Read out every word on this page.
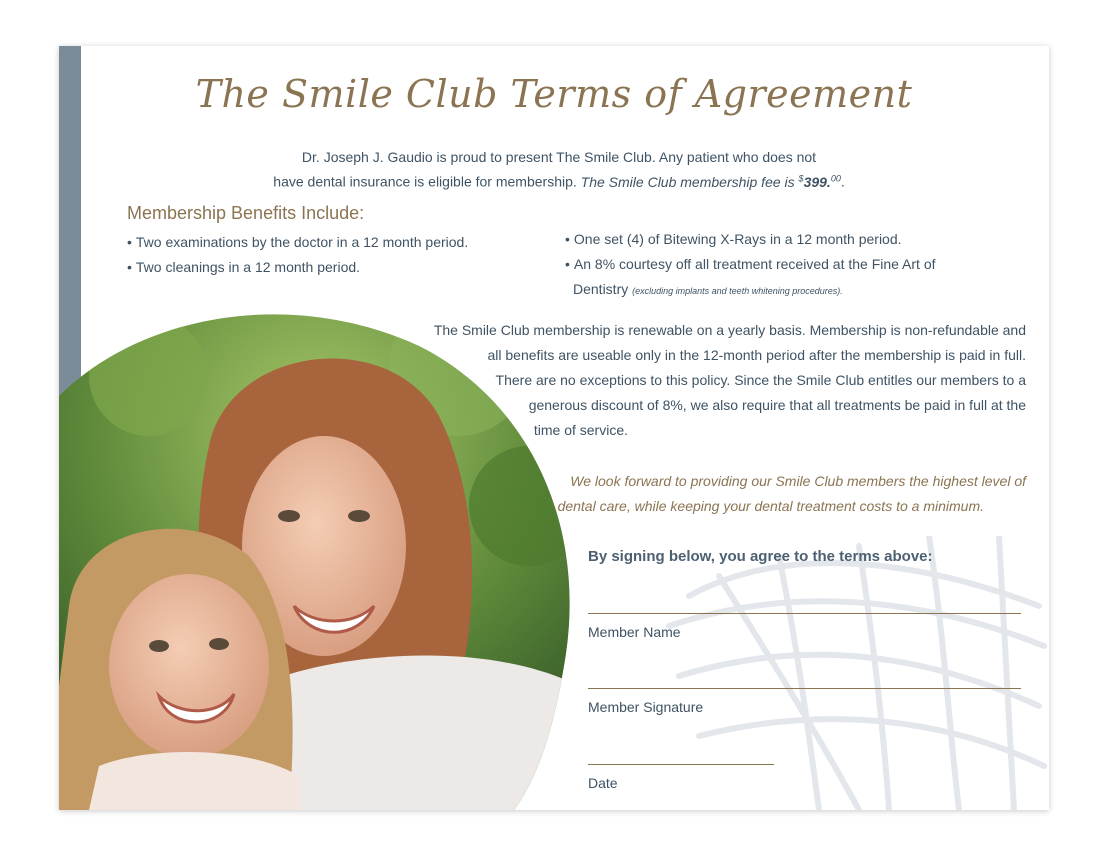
The Smile Club Terms of Agreement
Dr. Joseph J. Gaudio is proud to present The Smile Club. Any patient who does not
have dental insurance is eligible for membership. The Smile Club membership fee is $399.00.
Membership Benefits Include:
• Two examinations by the doctor in a 12 month period.
• Two cleanings in a 12 month period.
• One set (4) of Bitewing X-Rays in a 12 month period.
• An 8% courtesy off all treatment received at the Fine Art of
Dentistry (excluding implants and teeth whitening procedures).
The Smile Club membership is renewable on a yearly basis. Membership is non-refundable and
all benefits are useable only in the 12-month period after the membership is paid in full.
There are no exceptions to this policy. Since the Smile Club entitles our members to a
generous discount of 8%, we also require that all treatments be paid in full at the
time of service.
We look forward to providing our Smile Club members the highest level of
dental care, while keeping your dental treatment costs to a minimum.
By signing below, you agree to the terms above:
Member Name
Member Signature
Date
